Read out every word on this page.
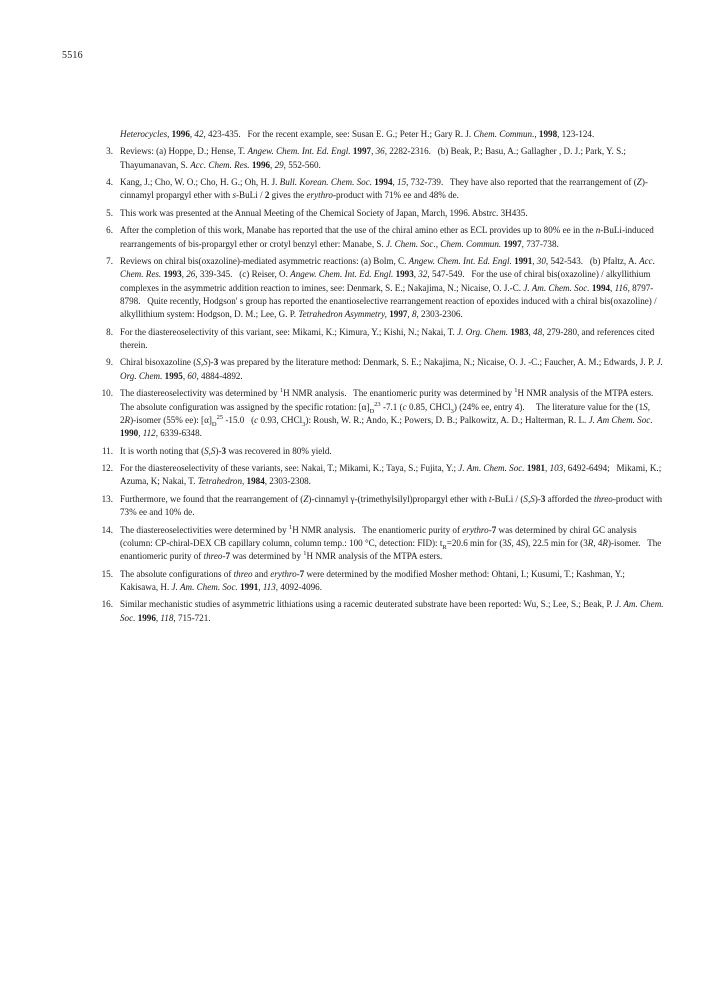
5516
Heterocycles, 1996, 42, 423-435.   For the recent example, see: Susan E. G.; Peter H.; Gary R. J. Chem. Commun., 1998, 123-124.
3. Reviews: (a) Hoppe, D.; Hense, T. Angew. Chem. Int. Ed. Engl. 1997, 36, 2282-2316.   (b) Beak, P.; Basu, A.; Gallagher , D. J.; Park, Y. S.; Thayumanavan, S. Acc. Chem. Res. 1996, 29, 552-560.
4. Kang, J.; Cho, W. O.; Cho, H. G.; Oh, H. J. Bull. Korean. Chem. Soc. 1994, 15, 732-739.   They have also reported that the rearrangement of (Z)-cinnamyl propargyl ether with s-BuLi / 2 gives the erythro-product with 71% ee and 48% de.
5. This work was presented at the Annual Meeting of the Chemical Society of Japan, March, 1996. Abstrc. 3H435.
6. After the completion of this work, Manabe has reported that the use of the chiral amino ether as ECL provides up to 80% ee in the n-BuLi-induced rearrangements of bis-propargyl ether or crotyl benzyl ether: Manabe, S. J. Chem. Soc., Chem. Commun. 1997, 737-738.
7. Reviews on chiral bis(oxazoline)-mediated asymmetric reactions: (a) Bolm, C. Angew. Chem. Int. Ed. Engl. 1991, 30, 542-543.   (b) Pfaltz, A. Acc. Chem. Res. 1993, 26, 339-345.   (c) Reiser, O. Angew. Chem. Int. Ed. Engl. 1993, 32, 547-549.   For the use of chiral bis(oxazoline) / alkyllithium complexes in the asymmetric addition reaction to imines, see: Denmark, S. E.; Nakajima, N.; Nicaise, O. J.-C. J. Am. Chem. Soc. 1994, 116, 8797-8798.   Quite recently, Hodgson' s group has reported the enantioselective rearrangement reaction of epoxides induced with a chiral bis(oxazoline) / alkyllithium system: Hodgson, D. M.; Lee, G. P. Tetrahedron Asymmetry, 1997, 8, 2303-2306.
8. For the diastereoselectivity of this variant, see: Mikami, K.; Kimura, Y.; Kishi, N.; Nakai, T. J. Org. Chem. 1983, 48, 279-280, and references cited therein.
9. Chiral bisoxazoline (S,S)-3 was prepared by the literature method: Denmark, S. E.; Nakajima, N.; Nicaise, O. J. -C.; Faucher, A. M.; Edwards, J. P. J. Org. Chem. 1995, 60, 4884-4892.
10. The diastereoselectivity was determined by $^1$H NMR analysis.   The enantiomeric purity was determined by $^1$H NMR analysis of the MTPA esters.   The absolute configuration was assigned by the specific rotation: $[\alpha]_D^{23}$ -7.1 (c 0.85, CHCl$_3$) (24% ee, entry 4).     The literature value for the (1S, 2R)-isomer (55% ee): $[\alpha]_D^{25}$ -15.0   (c 0.93, CHCl$_3$): Roush, W. R.; Ando, K.; Powers, D. B.; Palkowitz, A. D.; Halterman, R. L. J. Am Chem. Soc. 1990, 112, 6339-6348.
11. It is worth noting that (S,S)-3 was recovered in 80% yield.
12. For the diastereoselectivity of these variants, see: Nakai, T.; Mikami, K.; Taya, S.; Fujita, Y.; J. Am. Chem. Soc. 1981, 103, 6492-6494;   Mikami, K.; Azuma, K; Nakai, T. Tetrahedron, 1984, 2303-2308.
13. Furthermore, we found that the rearrangement of (Z)-cinnamyl γ-(trimethylsilyl)propargyl ether with t-BuLi / (S,S)-3 afforded the threo-product with 73% ee and 10% de.
14. The diastereoselectivities were determined by $^1$H NMR analysis.   The enantiomeric purity of erythro-7 was determined by chiral GC analysis (column: CP-chiral-DEX CB capillary column, column temp.: 100 °C, detection: FID): $t_R=20.6$ min for (3S, 4S), 22.5 min for (3R, 4R)-isomer.   The enantiomeric purity of threo-7 was determined by $^1$H NMR analysis of the MTPA esters.
15. The absolute configurations of threo and erythro-7 were determined by the modified Mosher method: Ohtani, I.; Kusumi, T.; Kashman, Y.; Kakisawa, H. J. Am. Chem. Soc. 1991, 113, 4092-4096.
16. Similar mechanistic studies of asymmetric lithiations using a racemic deuterated substrate have been reported: Wu, S.; Lee, S.; Beak, P. J. Am. Chem. Soc. 1996, 118, 715-721.
